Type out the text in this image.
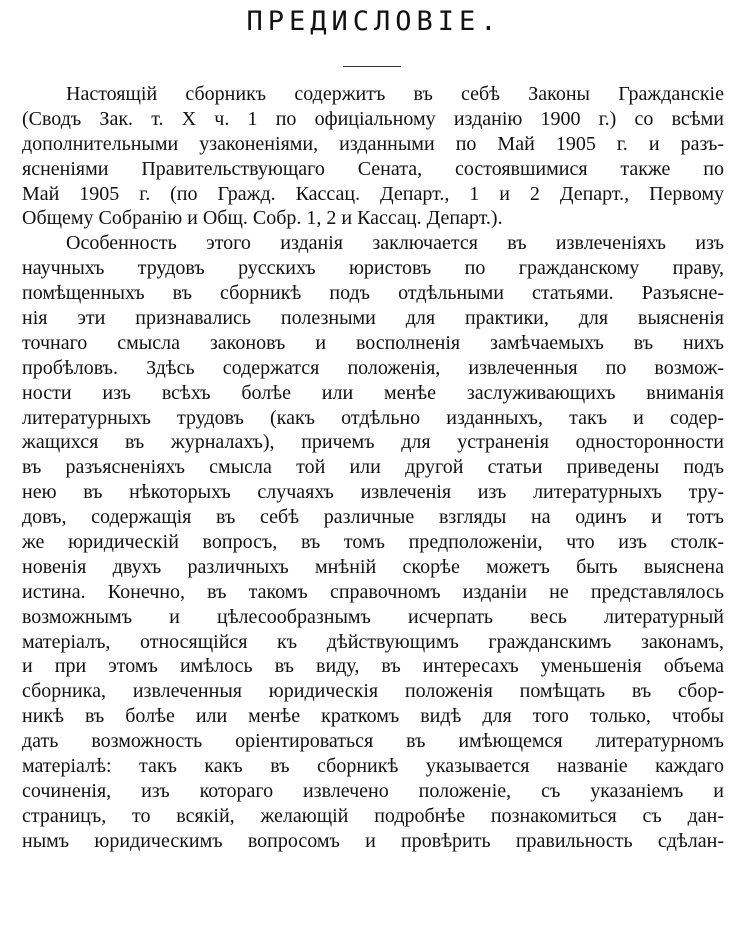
ПРЕДИСЛОВІЕ.
Настоящій сборникъ содержитъ въ себѣ Законы Гражданскіе
(Сводъ Зак. т. X ч. 1 по офиціальному изданію 1900 г.) со всѣми
дополнительными узаконеніями, изданными по Май 1905 г. и разъ-
ясненіями Правительствующаго Сената, состоявшимися также по
Май 1905 г. (по Гражд. Кассац. Департ., 1 и 2 Департ., Первому
Общему Собранію и Общ. Собр. 1, 2 и Кассац. Департ.).
Особенность этого изданія заключается въ извлеченіяхъ изъ
научныхъ трудовъ русскихъ юристовъ по гражданскому праву,
помѣщенныхъ въ сборникѣ подъ отдѣльными статьями. Разъясне-
нія эти признавались полезными для практики, для выясненія
точнаго смысла законовъ и восполненія замѣчаемыхъ въ нихъ
пробѣловъ. Здѣсь содержатся положенія, извлеченныя по возмож-
ности изъ всѣхъ болѣе или менѣе заслуживающихъ вниманія
литературныхъ трудовъ (какъ отдѣльно изданныхъ, такъ и содер-
жащихся въ журналахъ), причемъ для устраненія односторонности
въ разъясненіяхъ смысла той или другой статьи приведены подъ
нею въ нѣкоторыхъ случаяхъ извлеченія изъ литературныхъ тру-
довъ, содержащія въ себѣ различные взгляды на одинъ и тотъ
же юридическій вопросъ, въ томъ предположеніи, что изъ столк-
новенія двухъ различныхъ мнѣній скорѣе можетъ быть выяснена
истина. Конечно, въ такомъ справочномъ изданіи не представлялось
возможнымъ и цѣлесообразнымъ исчерпать весь литературный
матеріалъ, относящійся къ дѣйствующимъ гражданскимъ законамъ,
и при этомъ имѣлось въ виду, въ интересахъ уменьшенія объема
сборника, извлеченныя юридическія положенія помѣщать въ сбор-
никѣ въ болѣе или менѣе краткомъ видѣ для того только, чтобы
дать возможность оріентироваться въ имѣющемся литературномъ
матеріалѣ: такъ какъ въ сборникѣ указывается названіе каждаго
сочиненія, изъ котораго извлечено положеніе, съ указаніемъ и
страницъ, то всякій, желающій подробнѣе познакомиться съ дан-
нымъ юридическимъ вопросомъ и провѣрить правильность сдѣлан-
